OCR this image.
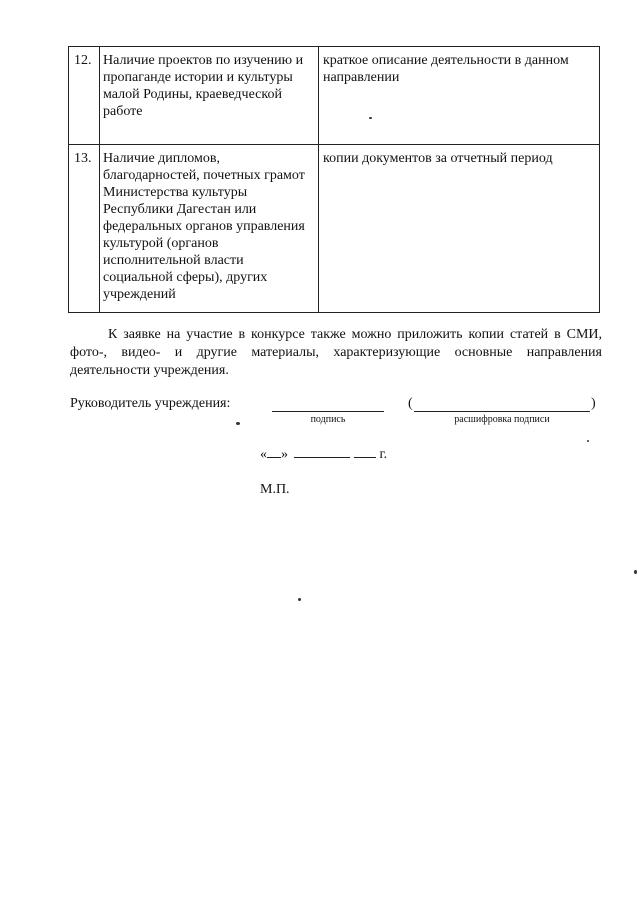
12.	Наличие проектов по изучению и пропаганде истории и культуры малой Родины, краеведческой работе	краткое описание деятельности в данном направлении
13.	Наличие дипломов, благодарностей, почетных грамот Министерства культуры Республики Дагестан или федеральных органов управления культурой (органов исполнительной власти социальной сферы), других учреждений	копии документов за отчетный период

К заявке на участие в конкурсе также можно приложить копии статей в СМИ, фото-, видео- и другие материалы, характеризующие основные направления деятельности учреждения.

Руководитель учреждения:
подпись
(	)
расшифровка подписи
« »	г.
М.П.
